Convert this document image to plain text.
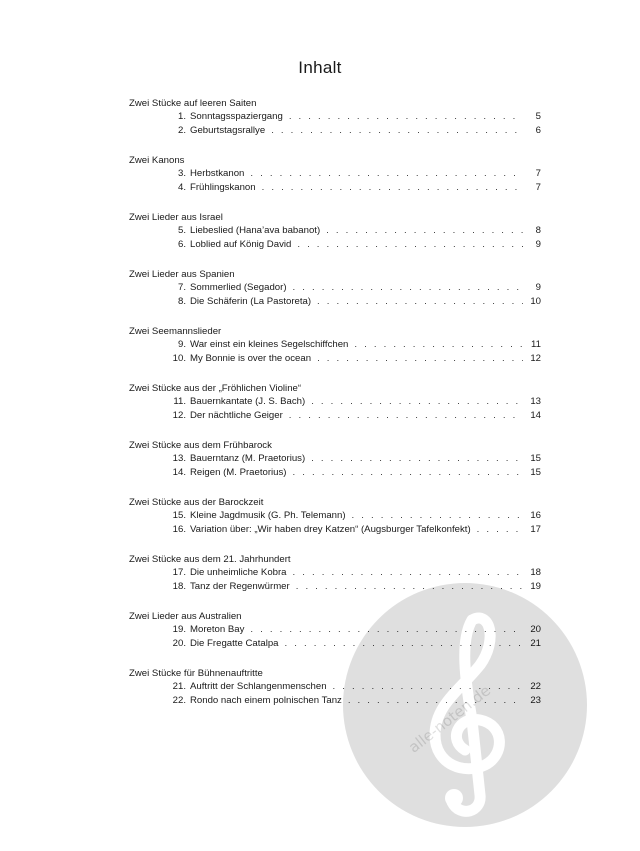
Inhalt
Zwei Stücke auf leeren Saiten
1 . Sonntagsspaziergang . . .	5
2 . Geburtstagsrallye . . .	6
Zwei Kanons
3 . Herbstkanon . . .	7
4 . Frühlingskanon . . .	7
Zwei Lieder aus Israel
5 . Liebeslied (Hana’ava babanot) . . .	8
6 . Loblied auf König David . . .	9
Zwei Lieder aus Spanien
7 . Sommerlied (Segador) . . .	9
8 . Die Schäferin (La Pastoreta) . . .	10
Zwei Seemannslieder
9 . War einst ein kleines Segelschiffchen . . .	11
10 . My Bonnie is over the ocean . . .	12
Zwei Stücke aus der „Fröhlichen Violine“
11 . Bauernkantate (J. S. Bach) . . .	13
12 . Der nächtliche Geiger . . .	14
Zwei Stücke aus dem Frühbarock
13 . Bauerntanz (M. Praetorius) . . .	15
14 . Reigen (M. Praetorius) . . .	15
Zwei Stücke aus der Barockzeit
15 . Kleine Jagdmusik (G. Ph. Telemann) . . .	16
16 . Variation über: „Wir haben drey Katzen“ (Augsburger Tafelkonfekt) . . .	17
Zwei Stücke aus dem 21. Jahrhundert
17 . Die unheimliche Kobra . . .	18
18 . Tanz der Regenwürmer . . .	19
Zwei Lieder aus Australien
19 . Moreton Bay . . .	20
20 . Die Fregatte Catalpa . . .	21
Zwei Stücke für Bühnenauftritte
21 . Auftritt der Schlangenmenschen . . .	22
22 . Rondo nach einem polnischen Tanz . . .	23
alle-noten.de
